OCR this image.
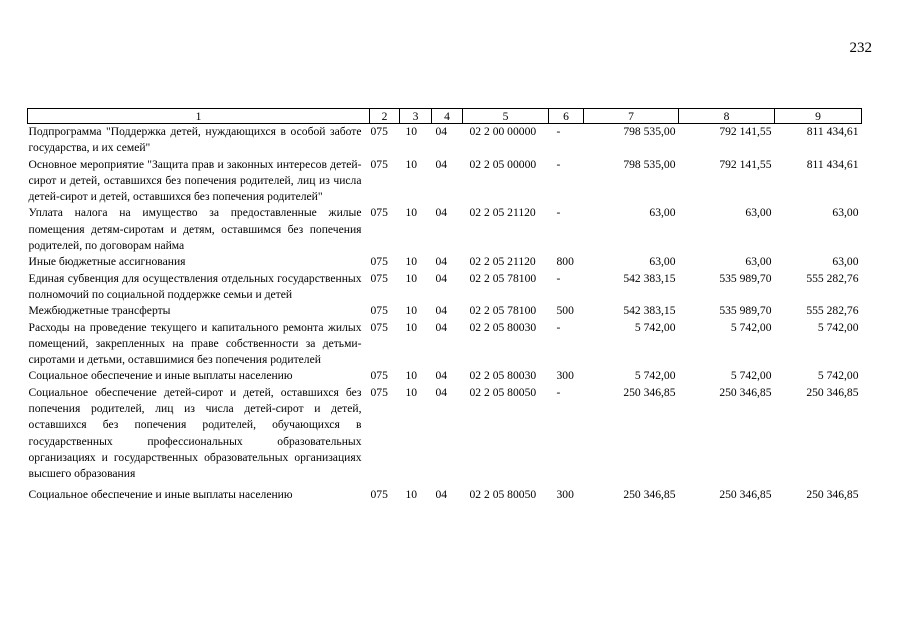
232
1	2	3	4	5	6	7	8	9
Подпрограмма "Поддержка детей, нуждающихся в особой заботе государства, и их семей"	075	10	04	02 2 00 00000	-	798 535,00	792 141,55	811 434,61
Основное мероприятие "Защита прав и законных интересов детей-сирот и детей, оставшихся без попечения родителей, лиц из числа детей-сирот и детей, оставшихся без попечения родителей"	075	10	04	02 2 05 00000	-	798 535,00	792 141,55	811 434,61
Уплата налога на имущество за предоставленные жилые помещения детям-сиротам и детям, оставшимся без попечения родителей, по договорам найма	075	10	04	02 2 05 21120	-	63,00	63,00	63,00
Иные бюджетные ассигнования	075	10	04	02 2 05 21120	800	63,00	63,00	63,00
Единая субвенция для осуществления отдельных государственных полномочий по социальной поддержке семьи и детей	075	10	04	02 2 05 78100	-	542 383,15	535 989,70	555 282,76
Межбюджетные трансферты	075	10	04	02 2 05 78100	500	542 383,15	535 989,70	555 282,76
Расходы на проведение текущего и капитального ремонта жилых помещений, закрепленных на праве собственности за детьми-сиротами и детьми, оставшимися без попечения родителей	075	10	04	02 2 05 80030	-	5 742,00	5 742,00	5 742,00
Социальное обеспечение и иные выплаты населению	075	10	04	02 2 05 80030	300	5 742,00	5 742,00	5 742,00
Социальное обеспечение детей-сирот и детей, оставшихся без попечения родителей, лиц из числа детей-сирот и детей, оставшихся без попечения родителей, обучающихся в государственных профессиональных образовательных организациях и государственных образовательных организациях высшего образования	075	10	04	02 2 05 80050	-	250 346,85	250 346,85	250 346,85
Социальное обеспечение и иные выплаты населению	075	10	04	02 2 05 80050	300	250 346,85	250 346,85	250 346,85
